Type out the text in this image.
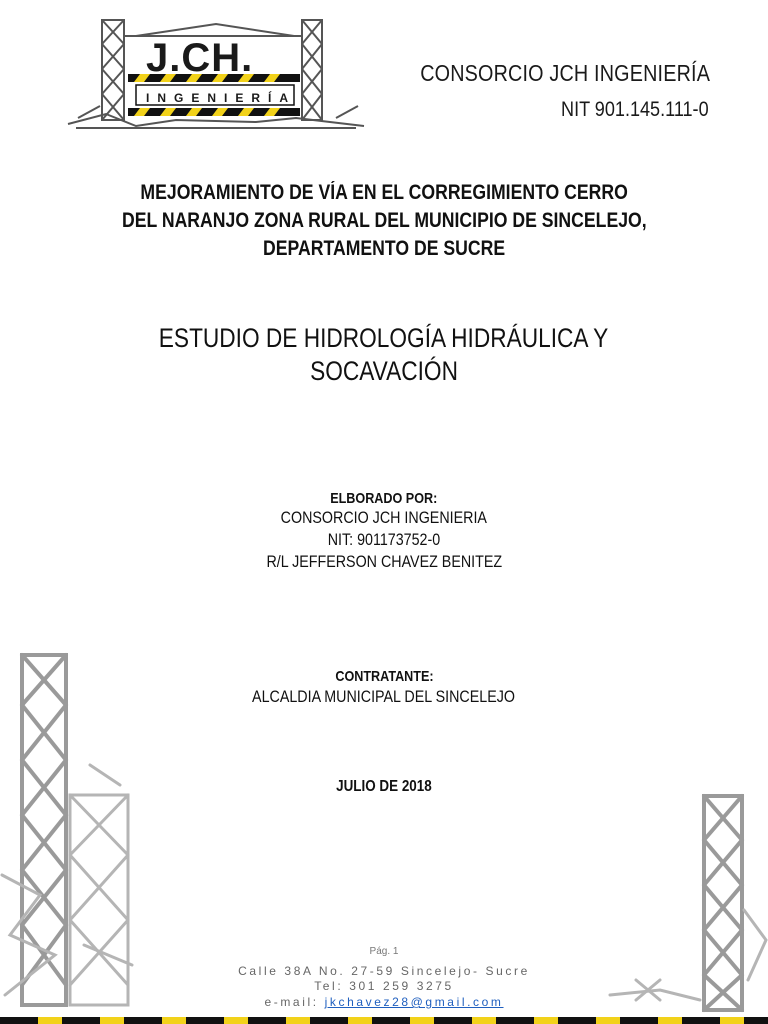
J.CH.
INGENIERÍA
CONSORCIO JCH INGENIERÍA
NIT 901.145.111-0
MEJORAMIENTO DE VÍA EN EL CORREGIMIENTO CERRO
DEL NARANJO ZONA RURAL DEL MUNICIPIO DE SINCELEJO,
DEPARTAMENTO DE SUCRE
ESTUDIO DE HIDROLOGÍA HIDRÁULICA Y
SOCAVACIÓN
ELBORADO POR:
CONSORCIO JCH INGENIERIA
NIT: 901173752-0
R/L JEFFERSON CHAVEZ BENITEZ
CONTRATANTE:
ALCALDIA MUNICIPAL DEL SINCELEJO
JULIO DE 2018
Pág. 1
Calle 38A No. 27-59 Sincelejo- Sucre
Tel: 301 259 3275
e-mail: jkchavez28@gmail.com
